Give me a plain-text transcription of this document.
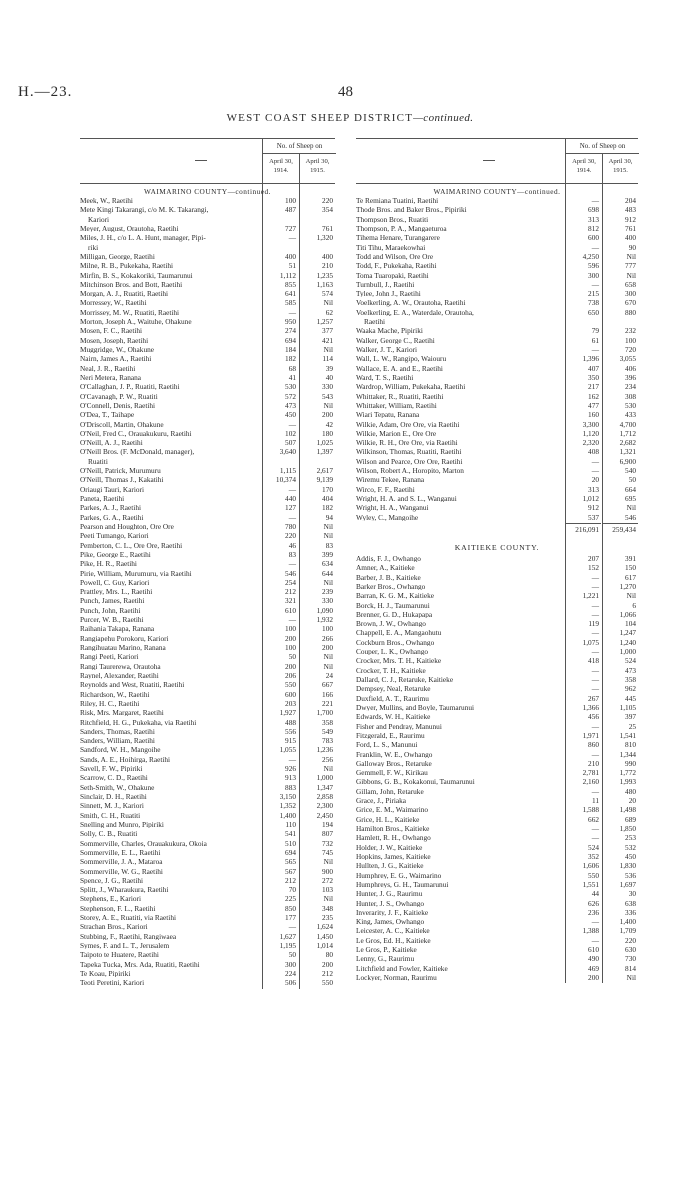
H.—23.	48
WEST COAST SHEEP DISTRICT—continued.
No. of Sheep on
April 30,
1914.
April 30,
1915.
WAIMARINO COUNTY—continued.
Meek, W., Raetihi	100	220
Mete Kingi Takarangi, c/o M. K. Takarangi,	487	354
Kariori
Meyer, August, Orautoha, Raetihi	727	761
Miles, J. H., c/o L. A. Hunt, manager, Pipi-	—	1,320
riki
Milligan, George, Raetihi	400	400
Milne, R. B., Pukekaha, Raetihi	51	210
Mirfin, B. S., Kokakoriki, Taumarunui	1,112	1,235
Mitchinson Bros. and Bott, Raetihi	855	1,163
Morgan, A. J., Ruatiti, Raetihi	641	574
Morressey, W., Raetihi	585	Nil
Morrissey, M. W., Ruatiti, Raetihi	—	62
Morton, Joseph A., Waituhe, Ohakune	950	1,257
Mosen, F. C., Raetihi	274	377
Mosen, Joseph, Raetihi	694	421
Muggridge, W., Ohakune	184	Nil
Nairn, James A., Raetihi	182	114
Neal, J. R., Raetihi	68	39
Neri Metera, Ranana	41	40
O'Callaghan, J. P., Ruatiti, Raetihi	530	330
O'Cavanagh, P. W., Ruatiti	572	543
O'Connell, Denis, Raetihi	473	Nil
O'Dea, T., Taihape	450	200
O'Driscoll, Martin, Ohakune	—	42
O'Neil, Fred C., Orauakukuru, Raetihi	102	180
O'Neill, A. J., Raetihi	507	1,025
O'Neill Bros. (F. McDonald, manager),	3,640	1,397
Ruatiti
O'Neill, Patrick, Murumuru	1,115	2,617
O'Neill, Thomas J., Kakatihi	10,374	9,139
Oriaugi Tauri, Kariori	—	170
Paneta, Raetihi	440	404
Parkes, A. J., Raetihi	127	182
Parkes, G. A., Raetihi	—	94
Pearson and Houghton, Ore Ore	780	Nil
Peeti Tumango, Kariori	220	Nil
Pemberton, C. L., Ore Ore, Raetihi	46	83
Pike, George E., Raetihi	83	399
Pike, H. R., Raetihi	—	634
Pirie, William, Murumuru, via Raetihi	546	644
Powell, C. Guy, Kariori	254	Nil
Prattley, Mrs. L., Raetihi	212	239
Punch, James, Raetihi	321	330
Punch, John, Raetihi	610	1,090
Purcer, W. B., Raetihi	—	1,932
Raihania Takapa, Ranana	100	100
Rangiapehu Porokoru, Kariori	200	266
Rangihuatau Marino, Ranana	100	200
Rangi Peeti, Kariori	50	Nil
Rangi Taurerewa, Orautoha	200	Nil
Raynel, Alexander, Raetihi	206	24
Reynolds and West, Ruatiti, Raetihi	550	667
Richardson, W., Raetihi	600	166
Riley, H. C., Raetihi	203	221
Risk, Mrs. Margaret, Raetihi	1,927	1,700
Ritchfield, H. G., Pukekaha, via Raetihi	488	358
Sanders, Thomas, Raetihi	556	549
Sanders, William, Raetihi	915	783
Sandford, W. H., Mangoihe	1,055	1,236
Sands, A. E., Hoihirga, Raetihi	—	256
Savell, F. W., Pipiriki	926	Nil
Scarrow, C. D., Raetihi	913	1,000
Seth-Smith, W., Ohakune	883	1,347
Sinclair, D. H., Raetihi	3,150	2,858
Sinnett, M. J., Kariori	1,352	2,300
Smith, C. H., Ruatiti	1,400	2,450
Snelling and Munro, Pipiriki	110	194
Solly, C. B., Ruatiti	541	807
Sommerville, Charles, Orauakukura, Okoia	510	732
Sommerville, E. L., Raetihi	694	745
Sommerville, J. A., Mataroa	565	Nil
Sommerville, W. G., Raetihi	567	900
Spence, J. G., Raetihi	212	272
Splitt, J., Wharaukura, Raetihi	70	103
Stephens, E., Kariori	225	Nil
Stephenson, F. L., Raetihi	850	348
Storey, A. E., Ruatiti, via Raetihi	177	235
Strachan Bros., Kariori	—	1,624
Stubbing, F., Raetihi, Rangiwaea	1,627	1,450
Symes, F. and L. T., Jerusalem	1,195	1,014
Taipoto te Huatere, Raetihi	50	80
Tapeka Tucka, Mrs. Ada, Ruatiti, Raetihi	300	200
Te Koau, Pipiriki	224	212
Teoti Peretini, Kariori	506	550
No. of Sheep on
April 30,
1914.
April 30,
1915.
WAIMARINO COUNTY—continued.
Te Remiana Tuatini, Raetihi	—	204
Thode Bros. and Baker Bros., Pipiriki	698	483
Thompson Bros., Ruatiti	313	912
Thompson, P. A., Mangaeturoa	812	761
Tihema Henare, Turangarere	600	400
Titi Tihu, Maraekowhai	—	90
Todd and Wilson, Ore Ore	4,250	Nil
Todd, F., Pukekaha, Raetihi	596	777
Toma Tuaropaki, Raetihi	300	Nil
Turnbull, J., Raetihi	—	658
Tylee, John J., Raetihi	215	300
Voelkerling, A. W., Orautoha, Raetihi	738	670
Voelkerling, E. A., Waterdale, Orautoha,	650	880
Raetihi
Waaka Mache, Pipiriki	79	232
Walker, George C., Raetihi	61	100
Walker, J. T., Kariori	—	720
Wall, L. W., Rangipo, Waiouru	1,396	3,055
Wallace, E. A. and E., Raetihi	407	406
Ward, T. S., Raetihi	350	396
Wardrop, William, Pukekaha, Raetihi	217	234
Whittaker, R., Ruatiti, Raetihi	162	308
Whittaker, William, Raetihi	477	530
Wiari Tepatu, Ranana	160	433
Wilkie, Adam, Ore Ore, via Raetihi	3,300	4,700
Wilkie, Marion E., Ore Ore	1,120	1,712
Wilkie, R. H., Ore Ore, via Raetihi	2,320	2,682
Wilkinson, Thomas, Ruatiti, Raetihi	408	1,321
Wilson and Pearce, Ore Ore, Raetihi	—	6,900
Wilson, Robert A., Horopito, Marton	—	540
Wiremu Tekee, Ranana	20	50
Wirco, F. F., Raetihi	313	664
Wright, H. A. and S. L., Wanganui	1,012	695
Wright, H. A., Wanganui	912	Nil
Wyley, C., Mangoihe	537	546
216,091	259,434
KAITIEKE COUNTY.
Addis, F. J., Owhango	207	391
Amner, A., Kaitieke	152	150
Barber, J. B., Kaitieke	—	617
Barker Bros., Owhango	—	1,270
Barran, K. G. M., Kaitieke	1,221	Nil
Borck, H. J., Taumarunui	—	6
Brenner, G. D., Hukapapa	—	1,066
Brown, J. W., Owhango	119	104
Chappell, E. A., Mangaohutu	—	1,247
Cockburn Bros., Owhango	1,075	1,240
Couper, L. K., Owhango	—	1,000
Crocker, Mrs. T. H., Kaitieke	418	524
Crocker, T. H., Kaitieke	—	473
Dallard, C. J., Retaruke, Kaitieke	—	358
Dempsey, Neal, Retaruke	—	962
Duxfield, A. T., Raurimu	267	445
Dwyer, Mullins, and Boyle, Taumarunui	1,366	1,105
Edwards, W. H., Kaitieke	456	397
Fisher and Pendray, Manunui	—	25
Fitzgerald, E., Raurimu	1,971	1,541
Ford, L. S., Manunui	860	810
Franklin, W. E., Owhango	—	1,344
Galloway Bros., Retaruke	210	990
Gemmell, F. W., Kirikau	2,781	1,772
Gibbons, G. B., Kokakonui, Taumarunui	2,160	1,993
Gillam, John, Retaruke	—	480
Grace, J., Piriaka	11	20
Grice, E. M., Waimarino	1,588	1,498
Grice, H. L., Kaitieke	662	689
Hamilton Bros., Kaitieke	—	1,850
Hamlett, R. H., Owhango	—	253
Holder, J. W., Kaitieke	524	532
Hopkins, James, Kaitieke	352	450
Hullten, J. G., Kaitieke	1,606	1,830
Humphrey, E. G., Waimarino	550	536
Humphreys, G. H., Taumarunui	1,551	1,697
Hunter, J. G., Raurimu	44	30
Hunter, J. S., Owhango	626	638
Inverarity, J. F., Kaitieke	236	336
King, James, Owhango	—	1,400
Leicester, A. C., Kaitieke	1,388	1,709
Le Gros, Ed. H., Kaitieke	—	220
Le Gros, P., Kaitieke	610	630
Lenny, G., Raurimu	490	730
Litchfield and Fowler, Kaitieke	469	814
Lockyer, Norman, Raurimu	200	Nil
